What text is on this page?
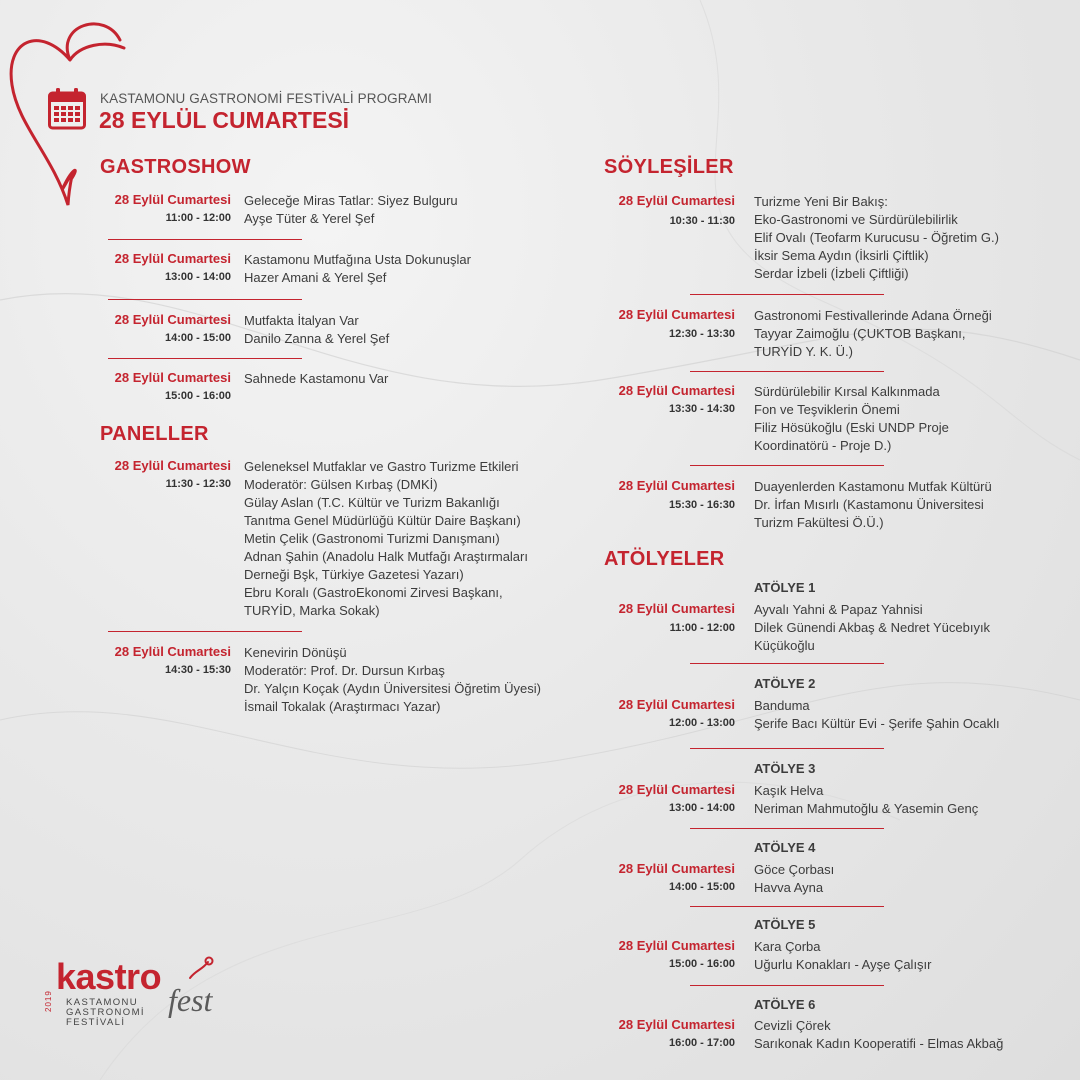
KASTAMONU GASTRONOMİ FESTİVALİ PROGRAMI
28 EYLÜL CUMARTESİ
GASTROSHOW
28 Eylül Cumartesi
11:00 - 12:00
Geleceğe Miras Tatlar: Siyez Bulguru
Ayşe Tüter & Yerel Şef
28 Eylül Cumartesi
13:00 - 14:00
Kastamonu Mutfağına Usta Dokunuşlar
Hazer Amani & Yerel Şef
28 Eylül Cumartesi
14:00 - 15:00
Mutfakta İtalyan Var
Danilo Zanna & Yerel Şef
28 Eylül Cumartesi
15:00 - 16:00
Sahnede Kastamonu Var
PANELLER
28 Eylül Cumartesi
11:30 - 12:30
Geleneksel Mutfaklar ve Gastro Turizme Etkileri
Moderatör: Gülsen Kırbaş (DMKİ)
Gülay Aslan (T.C. Kültür ve Turizm Bakanlığı
Tanıtma Genel Müdürlüğü Kültür Daire Başkanı)
Metin Çelik (Gastronomi Turizmi Danışmanı)
Adnan Şahin (Anadolu Halk Mutfağı Araştırmaları
Derneği Bşk, Türkiye Gazetesi Yazarı)
Ebru Koralı (GastroEkonomi Zirvesi Başkanı,
TURYİD, Marka Sokak)
28 Eylül Cumartesi
14:30 - 15:30
Kenevirin Dönüşü
Moderatör: Prof. Dr. Dursun Kırbaş
Dr. Yalçın Koçak (Aydın Üniversitesi Öğretim Üyesi)
İsmail Tokalak (Araştırmacı Yazar)
SÖYLEŞİLER
28 Eylül Cumartesi
10:30 - 11:30
Turizme Yeni Bir Bakış:
Eko-Gastronomi ve Sürdürülebilirlik
Elif Ovalı (Teofarm Kurucusu - Öğretim G.)
İksir Sema Aydın (İksirli Çiftlik)
Serdar İzbeli (İzbeli Çiftliği)
28 Eylül Cumartesi
12:30 - 13:30
Gastronomi Festivallerinde Adana Örneği
Tayyar Zaimoğlu (ÇUKTOB Başkanı,
TURYİD Y. K. Ü.)
28 Eylül Cumartesi
13:30 - 14:30
Sürdürülebilir Kırsal Kalkınmada
Fon ve Teşviklerin Önemi
Filiz Hösükoğlu (Eski UNDP Proje
Koordinatörü - Proje D.)
28 Eylül Cumartesi
15:30 - 16:30
Duayenlerden Kastamonu Mutfak Kültürü
Dr. İrfan Mısırlı (Kastamonu Üniversitesi
Turizm Fakültesi Ö.Ü.)
ATÖLYELER
ATÖLYE 1
28 Eylül Cumartesi
11:00 - 12:00
Ayvalı Yahni & Papaz Yahnisi
Dilek Günendi Akbaş & Nedret Yücebıyık
Küçükoğlu
ATÖLYE 2
28 Eylül Cumartesi
12:00 - 13:00
Banduma
Şerife Bacı Kültür Evi - Şerife Şahin Ocaklı
ATÖLYE 3
28 Eylül Cumartesi
13:00 - 14:00
Kaşık Helva
Neriman Mahmutoğlu & Yasemin Genç
ATÖLYE 4
28 Eylül Cumartesi
14:00 - 15:00
Göce Çorbası
Havva Ayna
ATÖLYE 5
28 Eylül Cumartesi
15:00 - 16:00
Kara Çorba
Uğurlu Konakları - Ayşe Çalışır
ATÖLYE 6
28 Eylül Cumartesi
16:00 - 17:00
Cevizli Çörek
Sarıkonak Kadın Kooperatifi - Elmas Akbağ
kastro
fest
KASTAMONU
GASTRONOMİ
FESTİVALİ
2019
